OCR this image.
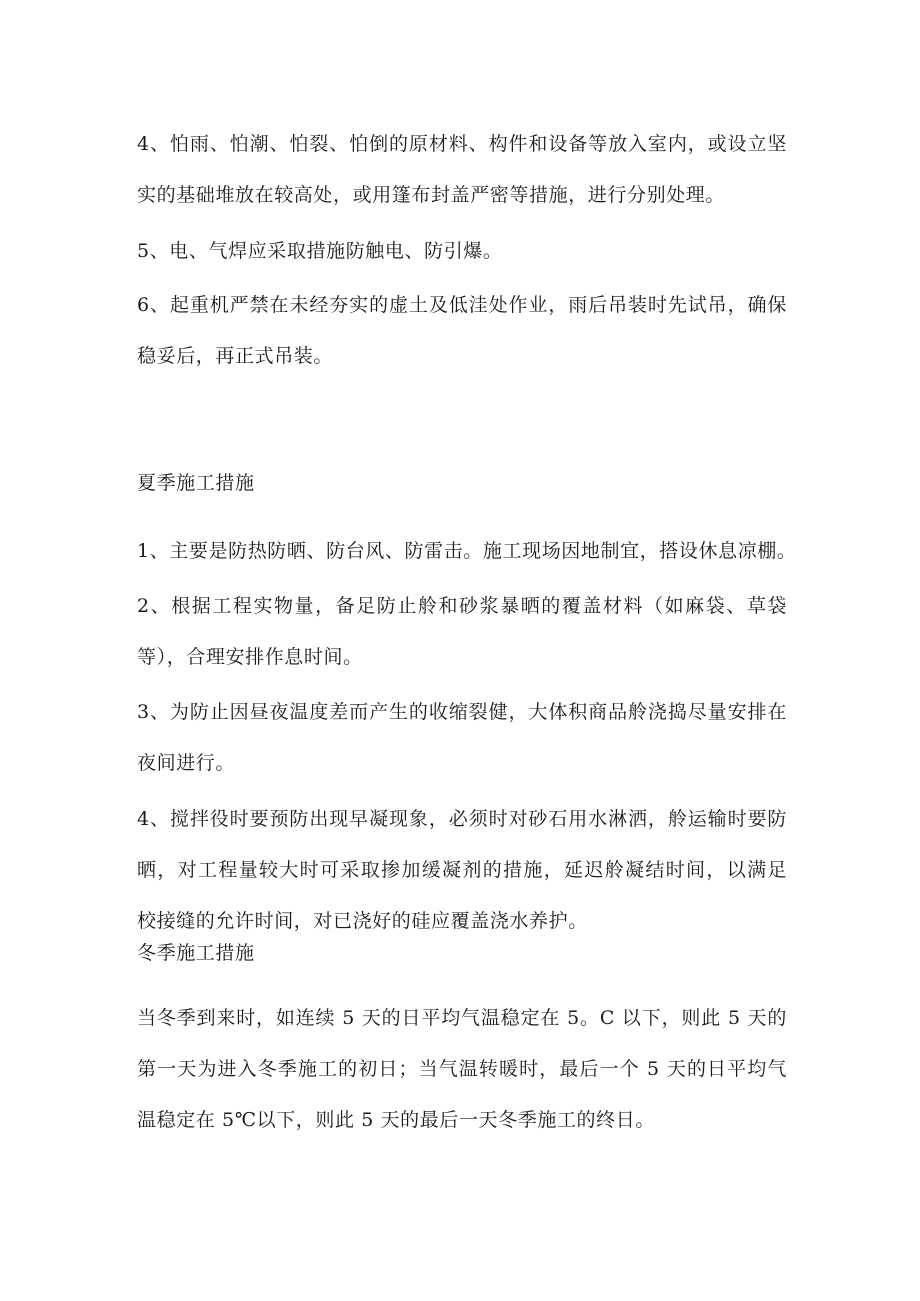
4、怕雨、怕潮、怕裂、怕倒的原材料、构件和设备等放入室内，或设立坚
实的基础堆放在较高处，或用篷布封盖严密等措施，进行分别处理。
5、电、气焊应采取措施防触电、防引爆。
6、起重机严禁在未经夯实的虚土及低洼处作业，雨后吊装时先试吊，确保
稳妥后，再正式吊装。
夏季施工措施
1、主要是防热防晒、防台风、防雷击。施工现场因地制宜，搭设休息凉棚。
2、根据工程实物量，备足防止舲和砂浆暴晒的覆盖材料（如麻袋、草袋
等），合理安排作息时间。
3、为防止因昼夜温度差而产生的收缩裂健，大体积商品舲浇捣尽量安排在
夜间进行。
4、搅拌役时要预防出现早凝现象，必须时对砂石用水淋洒，舲运输时要防
晒，对工程量较大时可采取掺加缓凝剂的措施，延迟舲凝结时间，以满足
校接缝的允许时间，对已浇好的硅应覆盖浇水养护。
冬季施工措施
当冬季到来时，如连续 5 天的日平均气温稳定在 5。C 以下，则此 5 天的
第一天为进入冬季施工的初日；当气温转暖时，最后一个 5 天的日平均气
温稳定在 5℃以下，则此 5 天的最后一天冬季施工的终日。
